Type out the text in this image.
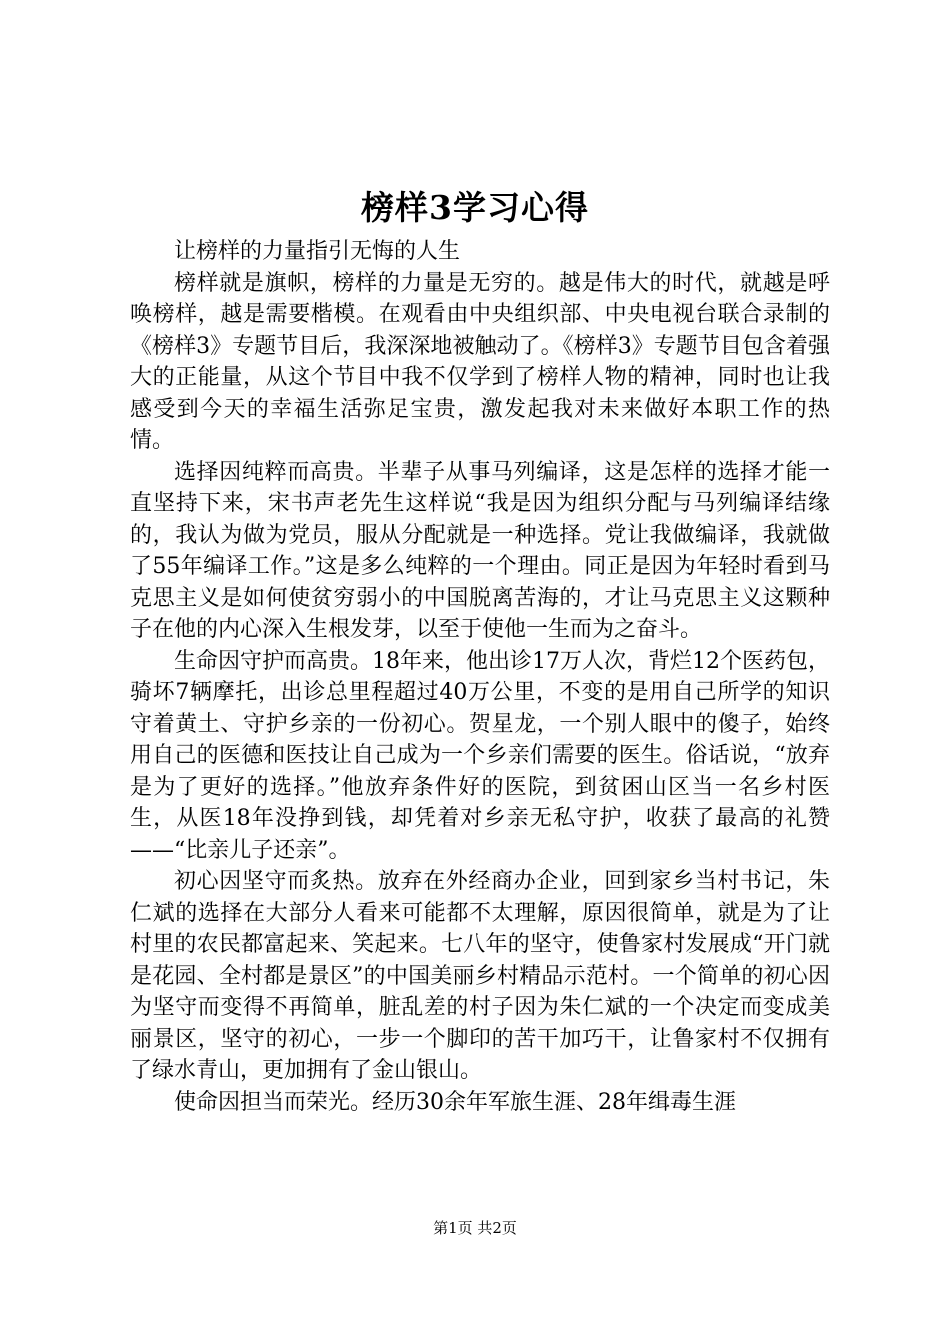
榜样3学习心得

让榜样的力量指引无悔的人生

榜样就是旗帜，榜样的力量是无穷的。越是伟大的时代，就越是呼唤榜样，越是需要楷模。在观看由中央组织部、中央电视台联合录制的《榜样3》专题节目后，我深深地被触动了。《榜样3》专题节目包含着强大的正能量，从这个节目中我不仅学到了榜样人物的精神，同时也让我感受到今天的幸福生活弥足宝贵，激发起我对未来做好本职工作的热情。

选择因纯粹而高贵。半辈子从事马列编译，这是怎样的选择才能一直坚持下来，宋书声老先生这样说“我是因为组织分配与马列编译结缘的，我认为做为党员，服从分配就是一种选择。党让我做编译，我就做了55年编译工作。”这是多么纯粹的一个理由。同正是因为年轻时看到马克思主义是如何使贫穷弱小的中国脱离苦海的，才让马克思主义这颗种子在他的内心深入生根发芽，以至于使他一生而为之奋斗。

生命因守护而高贵。18年来，他出诊17万人次，背烂12个医药包，骑坏7辆摩托，出诊总里程超过40万公里，不变的是用自己所学的知识守着黄土、守护乡亲的一份初心。贺星龙，一个别人眼中的傻子，始终用自己的医德和医技让自己成为一个乡亲们需要的医生。俗话说，“放弃是为了更好的选择。”他放弃条件好的医院，到贫困山区当一名乡村医生，从医18年没挣到钱，却凭着对乡亲无私守护，收获了最高的礼赞——“比亲儿子还亲”。

初心因坚守而炙热。放弃在外经商办企业，回到家乡当村书记，朱仁斌的选择在大部分人看来可能都不太理解，原因很简单，就是为了让村里的农民都富起来、笑起来。七八年的坚守，使鲁家村发展成“开门就是花园、全村都是景区”的中国美丽乡村精品示范村。一个简单的初心因为坚守而变得不再简单，脏乱差的村子因为朱仁斌的一个决定而变成美丽景区，坚守的初心，一步一个脚印的苦干加巧干，让鲁家村不仅拥有了绿水青山，更加拥有了金山银山。

使命因担当而荣光。经历30余年军旅生涯、28年缉毒生涯

第1页 共2页
